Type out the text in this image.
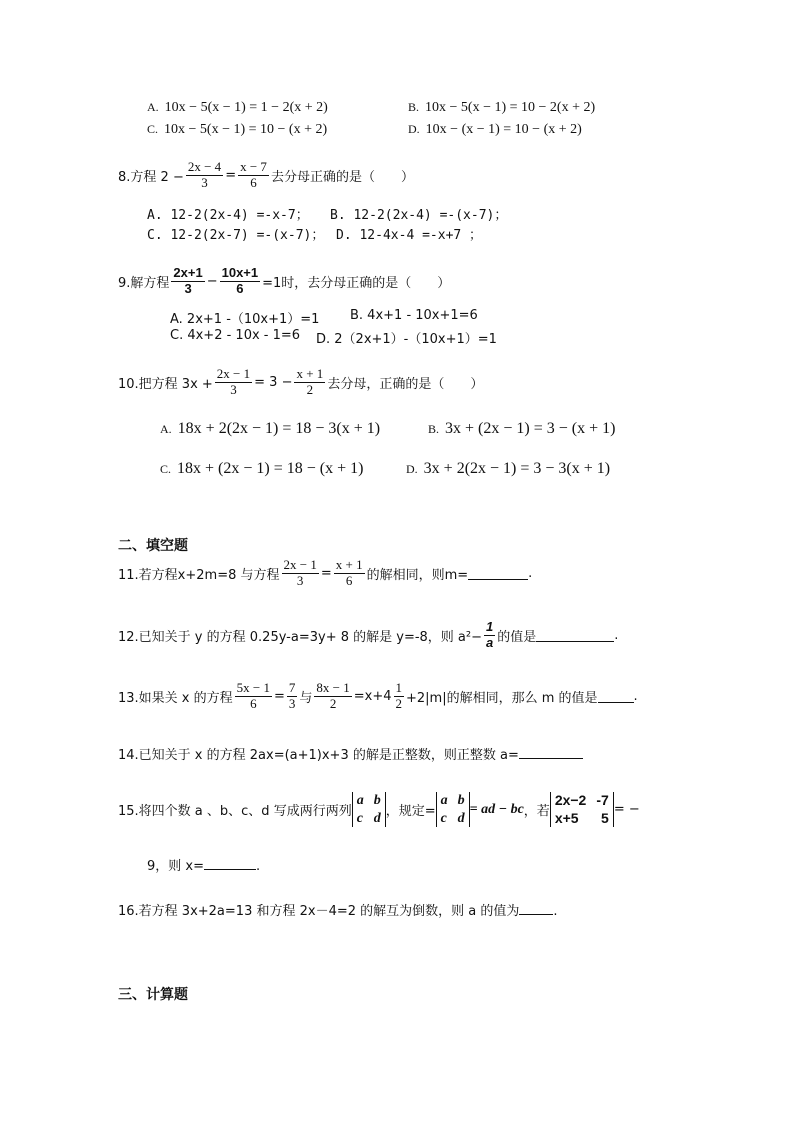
A. 10x − 5(x − 1) = 1 − 2(x + 2)	B. 10x − 5(x − 1) = 10 − 2(x + 2)
C. 10x − 5(x − 1) = 10 − (x + 2)	D. 10x − (x − 1) = 10 − (x + 2)
8.方程 $2 - \frac{2x - 4}{3} = \frac{x - 7}{6}$ 去分母正确的是（　　）
A. 12-2(2x-4) =-x-7； B. 12-2(2x-4) =-(x-7)；
C. 12-2(2x-7) =-(x-7)； D. 12-4x-4 =-x+7 ；
9.解方程 $\frac{2x+1}{3} - \frac{10x+1}{6} =1$时，去分母正确的是（　　）
A. 2x+1 -（10x+1）=1 B. 4x+1 - 10x+1=6
C. 4x+2 - 10x - 1=6 D. 2（2x+1）-（10x+1）=1
10.把方程 $3x + \frac{2x - 1}{3} = 3 - \frac{x + 1}{2}$ 去分母，正确的是（　　）
A. 18x + 2(2x − 1) = 18 − 3(x + 1)	B. 3x + (2x − 1) = 3 − (x + 1)
C. 18x + (2x − 1) = 18 − (x + 1)	D. 3x + 2(2x − 1) = 3 − 3(x + 1)
二、填空题
11.若方程x+2m=8 与方程 $\frac{2x - 1}{3} = \frac{x + 1}{6}$ 的解相同，则m=	.
12.已知关于 y 的方程 0.25y-a=3y+ 8 的解是 y=-8，则 $a^2- \frac{1}{a}$ 的值是	.
13.如果关 x 的方程 $\frac{5x - 1}{6} = \frac{7}{3}$ 与 $\frac{8x - 1}{2} =x+4 \frac{1}{2} +2|m|$的解相同，那么 m 的值是	.
14.已知关于 x 的方程 2ax=(a+1)x+3 的解是正整数，则正整数 a=
15.将四个数 a 、b、c、d 写成两行两列
a b
c d ，规定=
a b
c d
= ad − bc ，若
2x−2 -7
x+5 5 = −
9，则 x=	.
16.若方程 3x+2a=13 和方程 2x－4=2 的解互为倒数，则 a 的值为	.
三、计算题
